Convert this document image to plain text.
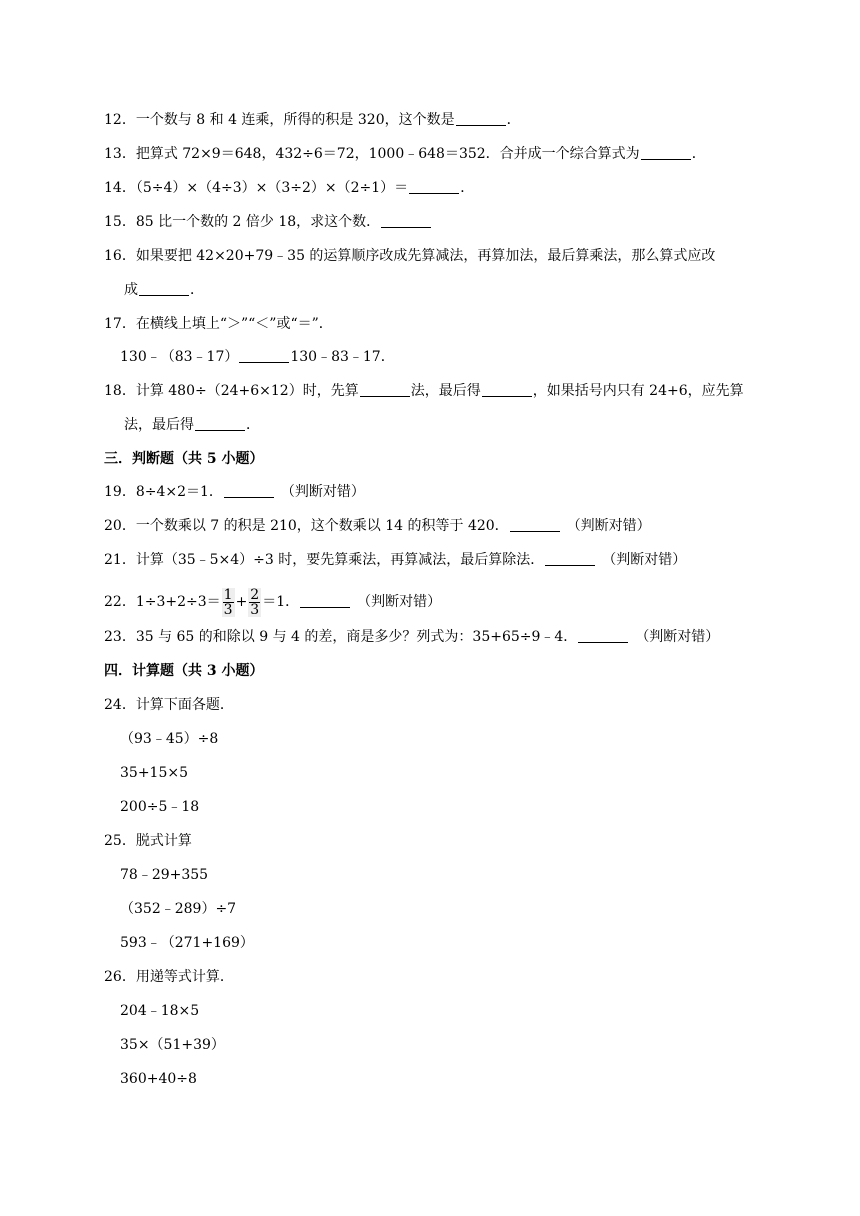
12．一个数与 8 和 4 连乘，所得的积是 320，这个数是	．
13．把算式 72×9＝648，432÷6＝72，1000﹣648＝352．合并成一个综合算式为	．
14．（5÷4）×（4÷3）×（3÷2）×（2÷1）＝	．
15．85 比一个数的 2 倍少 18，求这个数．
16．如果要把 42×20+79﹣35 的运算顺序改成先算减法，再算加法，最后算乘法，那么算式应改
成	．
17．在横线上填上“＞”“＜”或“＝”．
130﹣（83﹣17）	130﹣83﹣17．
18．计算 480÷（24+6×12）时，先算	法，最后得	，如果括号内只有 24+6，应先算
法，最后得	．
三．判断题（共 5 小题）
19．8÷4×2＝1．	（判断对错）
20．一个数乘以 7 的积是 210，这个数乘以 14 的积等于 420．	（判断对错）
21．计算（35﹣5×4）÷3 时，要先算乘法，再算减法，最后算除法．	（判断对错）
22．$1\div 3+2\div 3= \frac{1}{3} + \frac{2}{3} =1$．	（判断对错）
23．35 与 65 的和除以 9 与 4 的差，商是多少？列式为：35+65÷9﹣4．	（判断对错）
四．计算题（共 3 小题）
24．计算下面各题．
（93﹣45）÷8
35+15×5
200÷5﹣18
25．脱式计算
78﹣29+355
（352﹣289）÷7
593﹣（271+169）
26．用递等式计算．
204﹣18×5
35×（51+39）
360+40÷8
